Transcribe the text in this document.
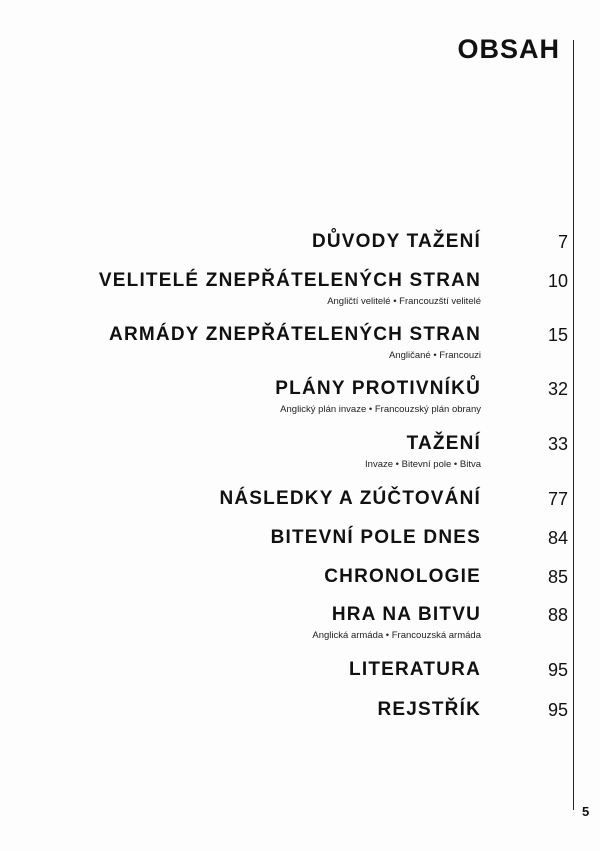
OBSAH
DŮVODY TAŽENÍ	7
VELITELÉ ZNEPŘÁTELENÝCH STRAN	10
Angličtí velitelé • Francouzští velitelé
ARMÁDY ZNEPŘÁTELENÝCH STRAN	15
Angličané • Francouzi
PLÁNY PROTIVNÍKŮ	32
Anglický plán invaze • Francouzský plán obrany
TAŽENÍ	33
Invaze • Bitevní pole • Bitva
NÁSLEDKY A ZÚČTOVÁNÍ	77
BITEVNÍ POLE DNES	84
CHRONOLOGIE	85
HRA NA BITVU	88
Anglická armáda • Francouzská armáda
LITERATURA	95
REJSTŘÍK	95
5
